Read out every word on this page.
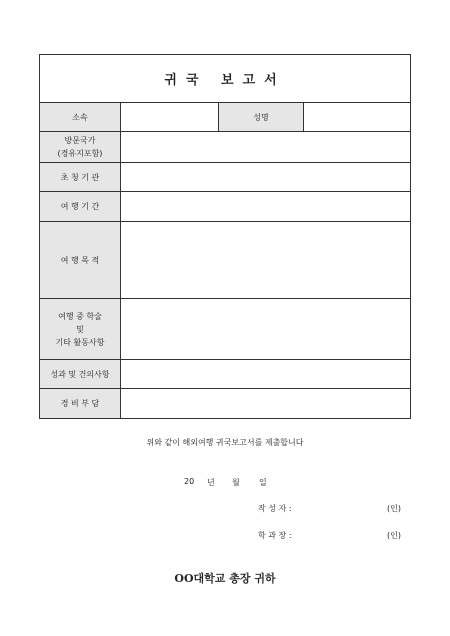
귀국 보고서			
소속		성명	

방문국가
(경유지포함)			

초 청 기 관			
여 행 기 간			
여 행 목 적			

여행 중 학술
및
기타 활동사항			

성과 및 건의사항			
경 비 부 담			
위와 같이 해외여행 귀국보고서를 제출합니다
20 년 월 일
작 성 자 :	(인)
학 과 장 :	(인)
OO대학교 총장 귀하
